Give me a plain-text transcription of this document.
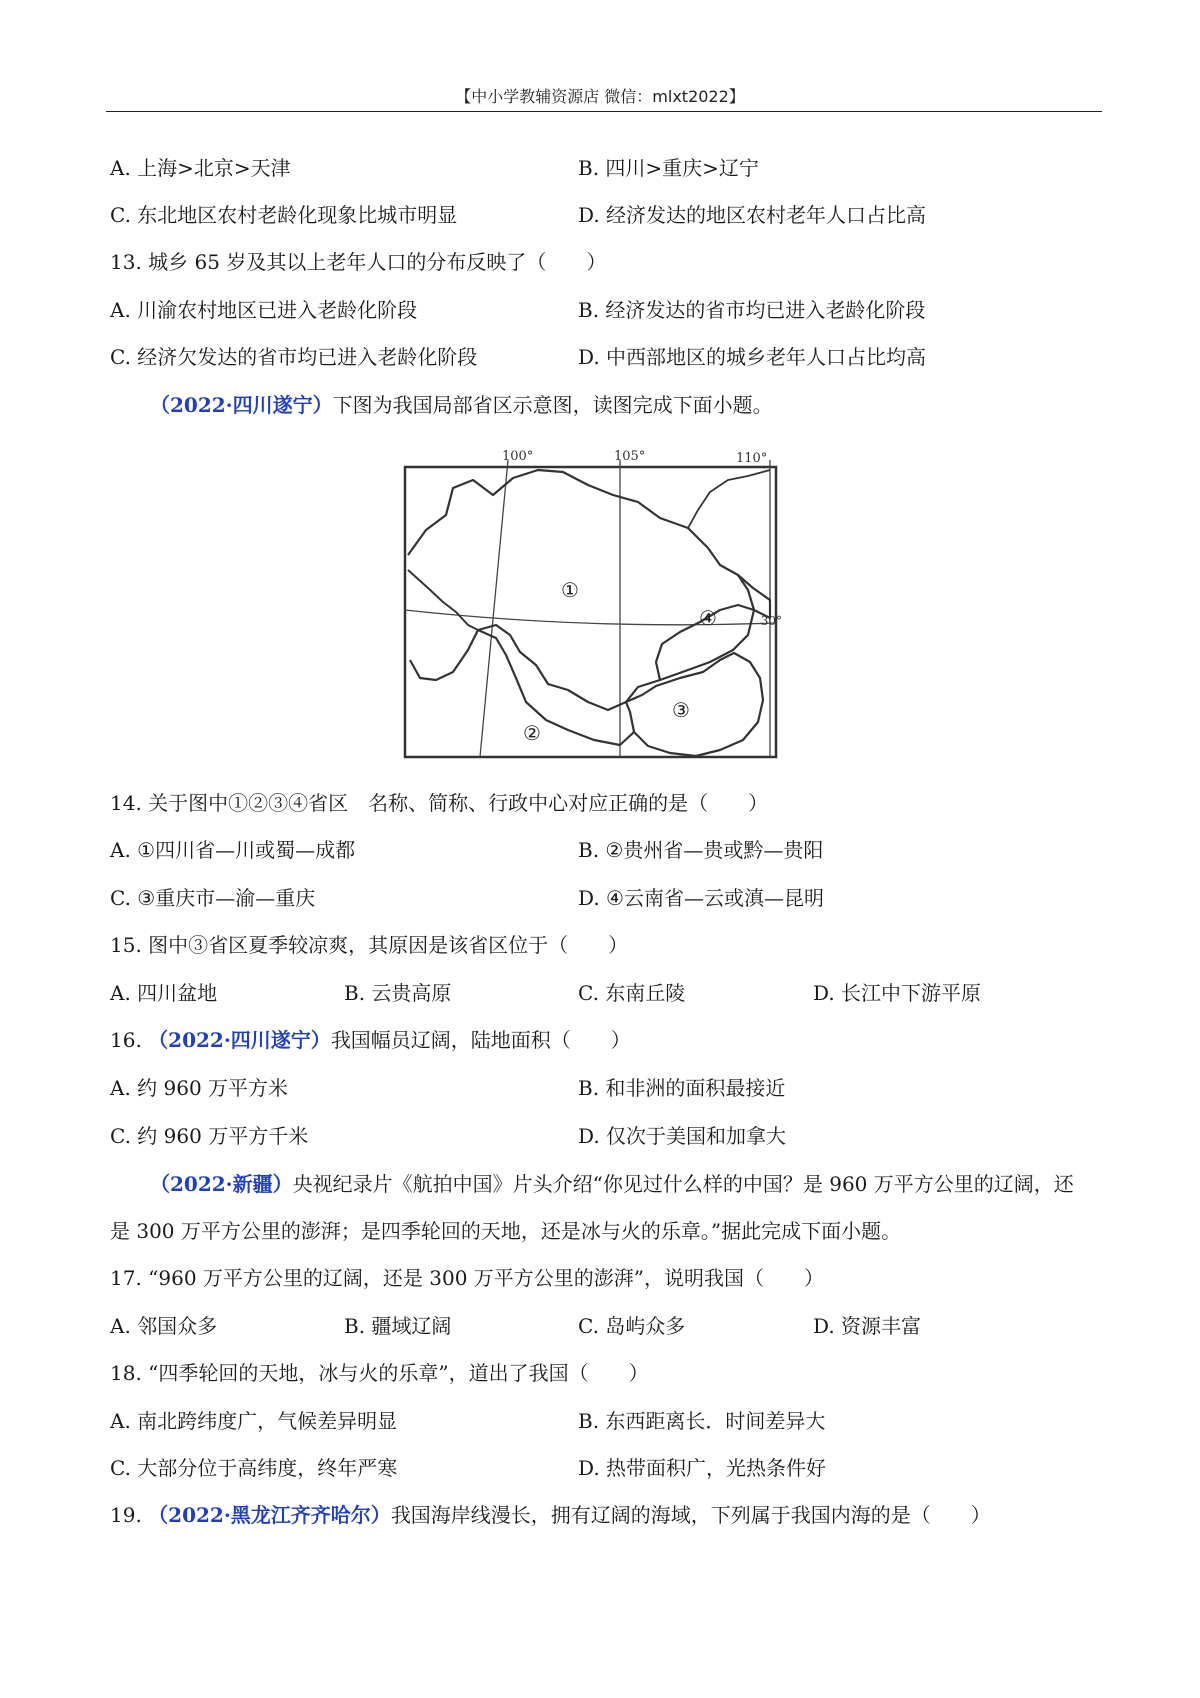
【中小学教辅资源店 微信：mlxt2022】
A. 上海>北京>天津	B. 四川>重庆>辽宁
C. 东北地区农村老龄化现象比城市明显	D. 经济发达的地区农村老年人口占比高
13. 城乡 65 岁及其以上老年人口的分布反映了（　　）
A. 川渝农村地区已进入老龄化阶段	B. 经济发达的省市均已进入老龄化阶段
C. 经济欠发达的省市均已进入老龄化阶段	D. 中西部地区的城乡老年人口占比均高
（2022·四川遂宁）下图为我国局部省区示意图，读图完成下面小题。
100°	105°	110°
30°
①
②
③
④
14. 关于图中①②③④省区　名称、简称、行政中心对应正确的是（　　）
A. ①四川省—川或蜀—成都	B. ②贵州省—贵或黔—贵阳
C. ③重庆市—渝—重庆	D. ④云南省—云或滇—昆明
15. 图中③省区夏季较凉爽，其原因是该省区位于（　　）
A. 四川盆地	B. 云贵高原	C. 东南丘陵	D. 长江中下游平原
16. （2022·四川遂宁）我国幅员辽阔，陆地面积（　　）
A. 约 960 万平方米	B. 和非洲的面积最接近
C. 约 960 万平方千米	D. 仅次于美国和加拿大
（2022·新疆）央视纪录片《航拍中国》片头介绍“你见过什么样的中国？是 960 万平方公里的辽阔，还
是 300 万平方公里的澎湃；是四季轮回的天地，还是冰与火的乐章。”据此完成下面小题。
17. “960 万平方公里的辽阔，还是 300 万平方公里的澎湃”，说明我国（　　）
A. 邻国众多	B. 疆域辽阔	C. 岛屿众多	D. 资源丰富
18. “四季轮回的天地，冰与火的乐章”，道出了我国（　　）
A. 南北跨纬度广，气候差异明显	B. 东西距离长．时间差异大
C. 大部分位于高纬度，终年严寒	D. 热带面积广，光热条件好
19. （2022·黑龙江齐齐哈尔）我国海岸线漫长，拥有辽阔的海域，下列属于我国内海的是（　　）
